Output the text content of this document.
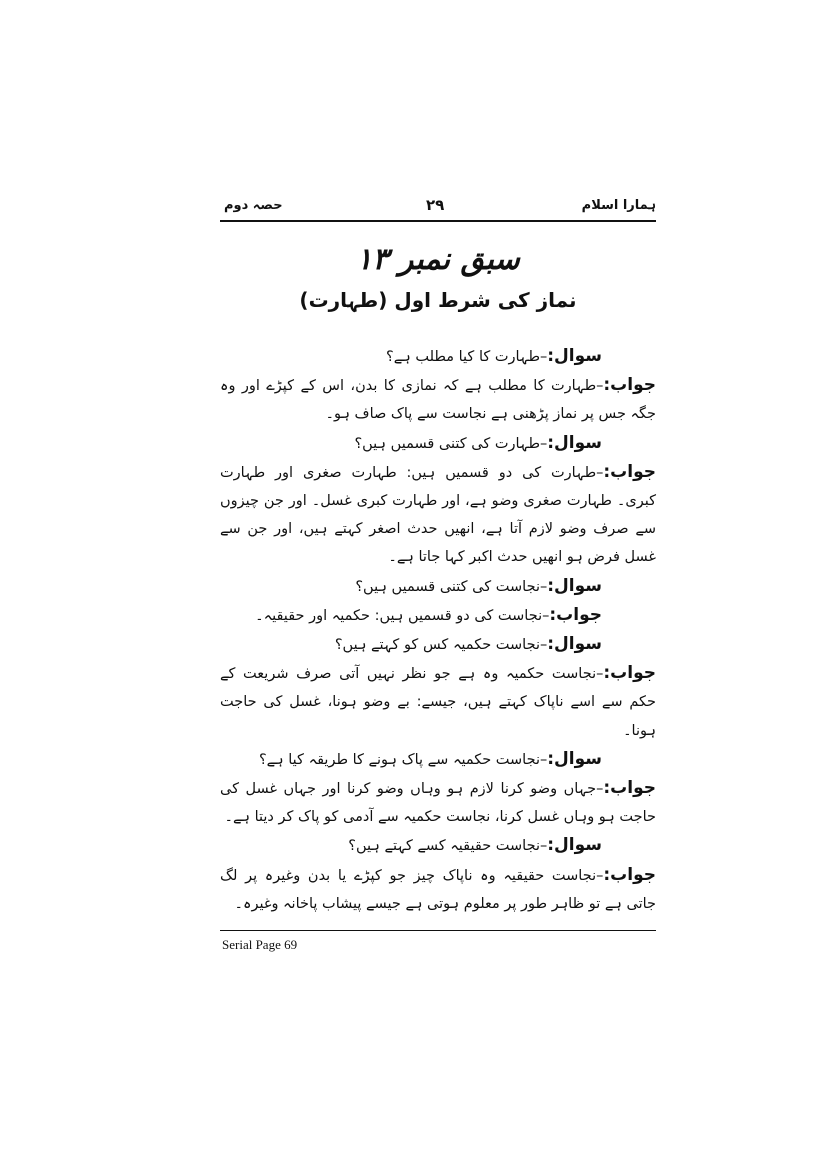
حصہ دوم	۲۹	ہمارا اسلام
سبق نمبر ۱۳
نماز کی شرط اول (طہارت)

سوال:–طہارت کا کیا مطلب ہے؟

جواب:–طہارت کا مطلب ہے کہ نمازی کا بدن، اس کے کپڑے اور وہ جگہ جس پر نماز پڑھنی ہے نجاست سے پاک صاف ہو۔

سوال:–طہارت کی کتنی قسمیں ہیں؟

جواب:–طہارت کی دو قسمیں ہیں: طہارت صغری اور طہارت کبری۔ طہارت صغری وضو ہے، اور طہارت کبری غسل۔ اور جن چیزوں سے صرف وضو لازم آتا ہے، انھیں حدث اصغر کہتے ہیں، اور جن سے غسل فرض ہو انھیں حدث اکبر کہا جاتا ہے۔

سوال:–نجاست کی کتنی قسمیں ہیں؟

جواب:–نجاست کی دو قسمیں ہیں: حکمیہ اور حقیقیہ۔

سوال:–نجاست حکمیہ کس کو کہتے ہیں؟

جواب:–نجاست حکمیہ وہ ہے جو نظر نہیں آتی صرف شریعت کے حکم سے اسے ناپاک کہتے ہیں، جیسے: بے وضو ہونا، غسل کی حاجت ہونا۔

سوال:–نجاست حکمیہ سے پاک ہونے کا طریقہ کیا ہے؟

جواب:–جہاں وضو کرنا لازم ہو وہاں وضو کرنا اور جہاں غسل کی حاجت ہو وہاں غسل کرنا، نجاست حکمیہ سے آدمی کو پاک کر دیتا ہے۔

سوال:–نجاست حقیقیہ کسے کہتے ہیں؟

جواب:–نجاست حقیقیہ وہ ناپاک چیز جو کپڑے یا بدن وغیرہ پر لگ جاتی ہے تو ظاہر طور پر معلوم ہوتی ہے جیسے پیشاب پاخانہ وغیرہ۔

Serial Page 69
